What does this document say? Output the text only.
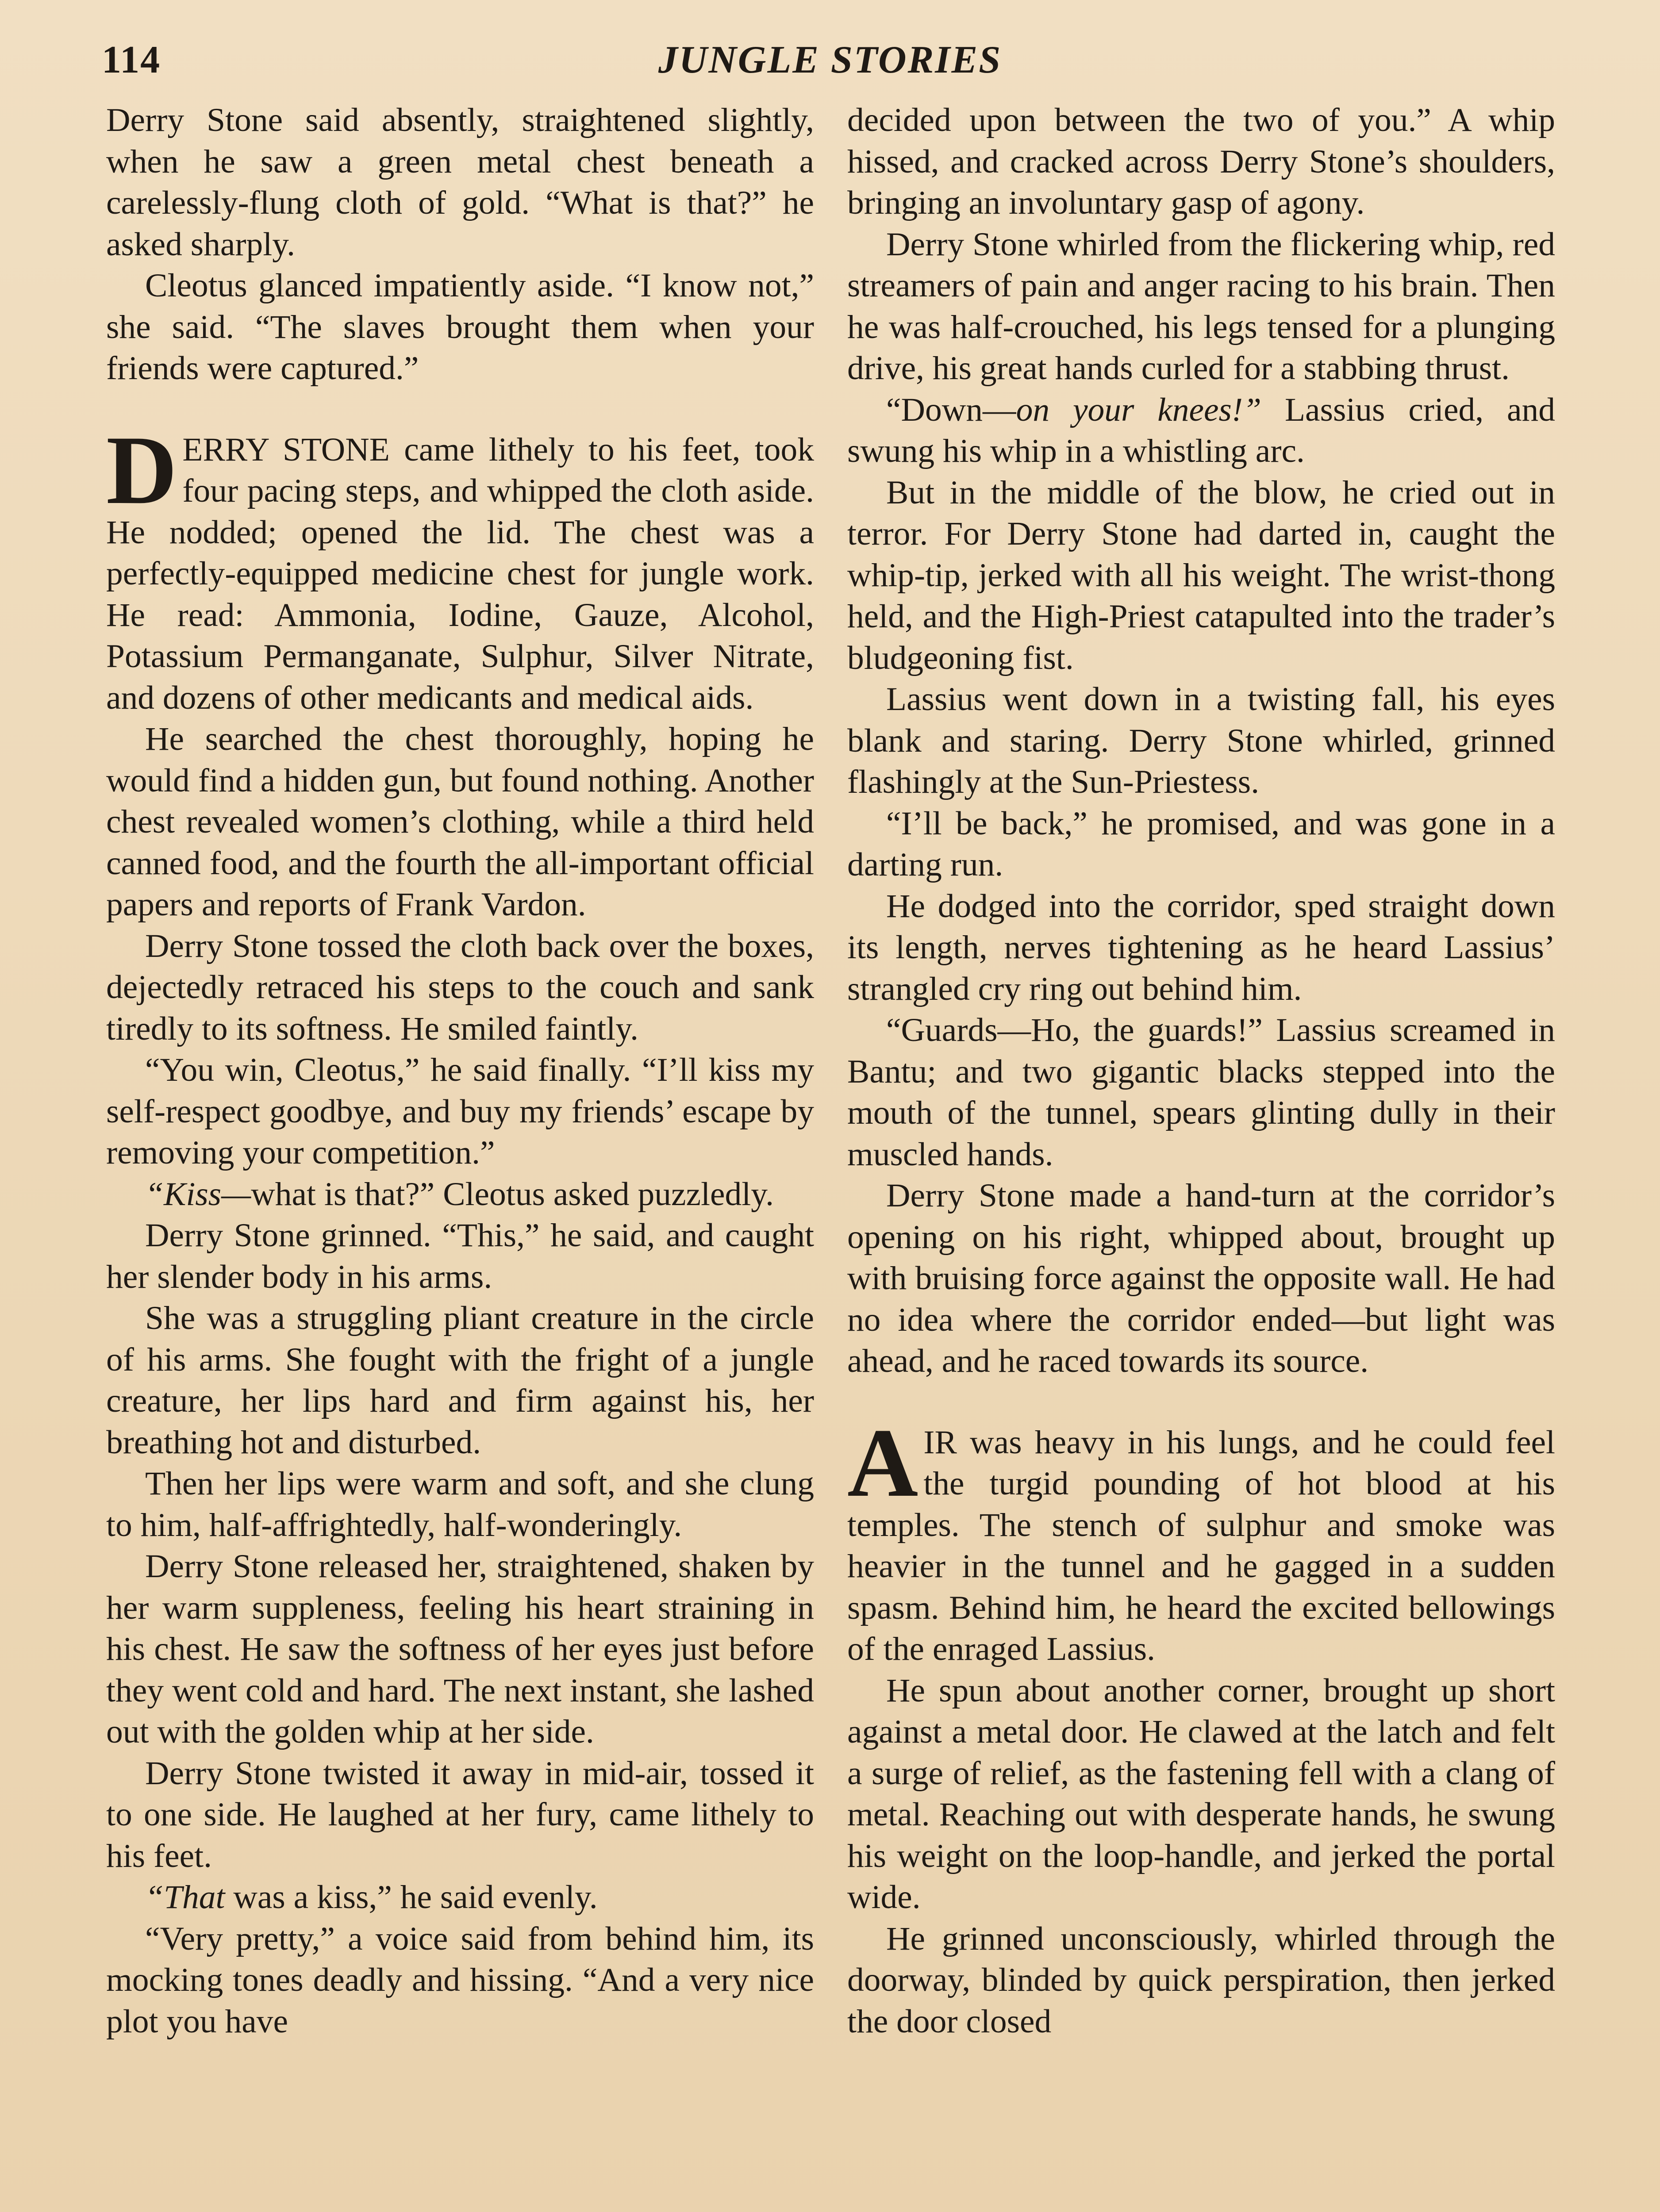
114	JUNGLE STORIES

Derry Stone said absently, straightened slightly, when he saw a green metal chest beneath a carelessly-flung cloth of gold. “What is that?” he asked sharply.

Cleotus glanced impatiently aside. “I know not,” she said. “The slaves brought them when your friends were captured.”

DERRY STONE came lithely to his feet, took four pacing steps, and whipped the cloth aside. He nodded; opened the lid. The chest was a perfectly-equipped medicine chest for jungle work. He read: Ammonia, Iodine, Gauze, Alcohol, Potassium Permanganate, Sulphur, Silver Nitrate, and dozens of other medicants and medical aids.

He searched the chest thoroughly, hoping he would find a hidden gun, but found nothing. Another chest revealed women’s clothing, while a third held canned food, and the fourth the all-important official papers and reports of Frank Vardon.

Derry Stone tossed the cloth back over the boxes, dejectedly retraced his steps to the couch and sank tiredly to its softness. He smiled faintly.

“You win, Cleotus,” he said finally. “I’ll kiss my self-respect goodbye, and buy my friends’ escape by removing your competition.”

“Kiss—what is that?” Cleotus asked puzzledly.

Derry Stone grinned. “This,” he said, and caught her slender body in his arms.

She was a struggling pliant creature in the circle of his arms. She fought with the fright of a jungle creature, her lips hard and firm against his, her breathing hot and disturbed.

Then her lips were warm and soft, and she clung to him, half-affrightedly, half-wonderingly.

Derry Stone released her, straightened, shaken by her warm suppleness, feeling his heart straining in his chest. He saw the softness of her eyes just before they went cold and hard. The next instant, she lashed out with the golden whip at her side.

Derry Stone twisted it away in mid-air, tossed it to one side. He laughed at her fury, came lithely to his feet.

“That was a kiss,” he said evenly.

“Very pretty,” a voice said from behind him, its mocking tones deadly and hissing. “And a very nice plot you have

decided upon between the two of you.” A whip hissed, and cracked across Derry Stone’s shoulders, bringing an involuntary gasp of agony.

Derry Stone whirled from the flickering whip, red streamers of pain and anger racing to his brain. Then he was half-crouched, his legs tensed for a plunging drive, his great hands curled for a stabbing thrust.

“Down—on your knees!” Lassius cried, and swung his whip in a whistling arc.

But in the middle of the blow, he cried out in terror. For Derry Stone had darted in, caught the whip-tip, jerked with all his weight. The wrist-thong held, and the High-Priest catapulted into the trader’s bludgeoning fist.

Lassius went down in a twisting fall, his eyes blank and staring. Derry Stone whirled, grinned flashingly at the Sun-Priestess.

“I’ll be back,” he promised, and was gone in a darting run.

He dodged into the corridor, sped straight down its length, nerves tightening as he heard Lassius’ strangled cry ring out behind him.

“Guards—Ho, the guards!” Lassius screamed in Bantu; and two gigantic blacks stepped into the mouth of the tunnel, spears glinting dully in their muscled hands.

Derry Stone made a hand-turn at the corridor’s opening on his right, whipped about, brought up with bruising force against the opposite wall. He had no idea where the corridor ended—but light was ahead, and he raced towards its source.

AIR was heavy in his lungs, and he could feel the turgid pounding of hot blood at his temples. The stench of sulphur and smoke was heavier in the tunnel and he gagged in a sudden spasm. Behind him, he heard the excited bellowings of the enraged Lassius.

He spun about another corner, brought up short against a metal door. He clawed at the latch and felt a surge of relief, as the fastening fell with a clang of metal. Reaching out with desperate hands, he swung his weight on the loop-handle, and jerked the portal wide.

He grinned unconsciously, whirled through the doorway, blinded by quick perspiration, then jerked the door closed
